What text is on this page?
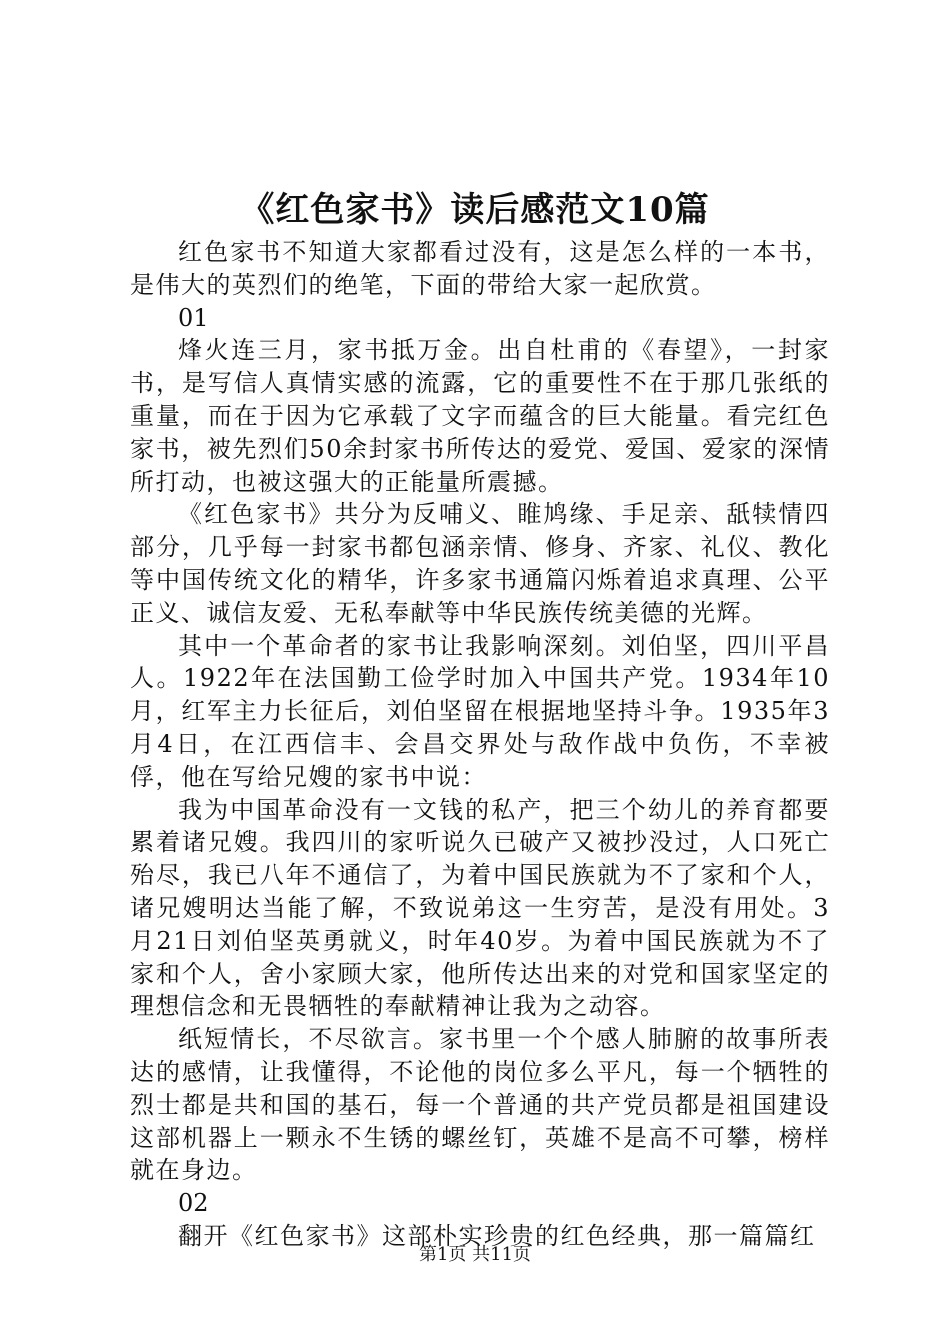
《红色家书》读后感范文10篇

红色家书不知道大家都看过没有，这是怎么样的一本书，是伟大的英烈们的绝笔，下面的带给大家一起欣赏。

01

烽火连三月，家书抵万金。出自杜甫的《春望》，一封家书，是写信人真情实感的流露，它的重要性不在于那几张纸的重量，而在于因为它承载了文字而蕴含的巨大能量。看完红色家书，被先烈们50余封家书所传达的爱党、爱国、爱家的深情所打动，也被这强大的正能量所震撼。

《红色家书》共分为反哺义、睢鸠缘、手足亲、舐犊情四部分，几乎每一封家书都包涵亲情、修身、齐家、礼仪、教化等中国传统文化的精华，许多家书通篇闪烁着追求真理、公平正义、诚信友爱、无私奉献等中华民族传统美德的光辉。

其中一个革命者的家书让我影响深刻。刘伯坚，四川平昌人。1922年在法国勤工俭学时加入中国共产党。1934年10月，红军主力长征后，刘伯坚留在根据地坚持斗争。1935年3月4日，在江西信丰、会昌交界处与敌作战中负伤，不幸被俘，他在写给兄嫂的家书中说：

我为中国革命没有一文钱的私产，把三个幼儿的养育都要累着诸兄嫂。我四川的家听说久已破产又被抄没过，人口死亡殆尽，我已八年不通信了，为着中国民族就为不了家和个人，诸兄嫂明达当能了解，不致说弟这一生穷苦，是没有用处。3月21日刘伯坚英勇就义，时年40岁。为着中国民族就为不了家和个人，舍小家顾大家，他所传达出来的对党和国家坚定的理想信念和无畏牺牲的奉献精神让我为之动容。

纸短情长，不尽欲言。家书里一个个感人肺腑的故事所表达的感情，让我懂得，不论他的岗位多么平凡，每一个牺牲的烈士都是共和国的基石，每一个普通的共产党员都是祖国建设这部机器上一颗永不生锈的螺丝钉，英雄不是高不可攀，榜样就在身边。

02

翻开《红色家书》这部朴实珍贵的红色经典，那一篇篇红

第1页 共11页
